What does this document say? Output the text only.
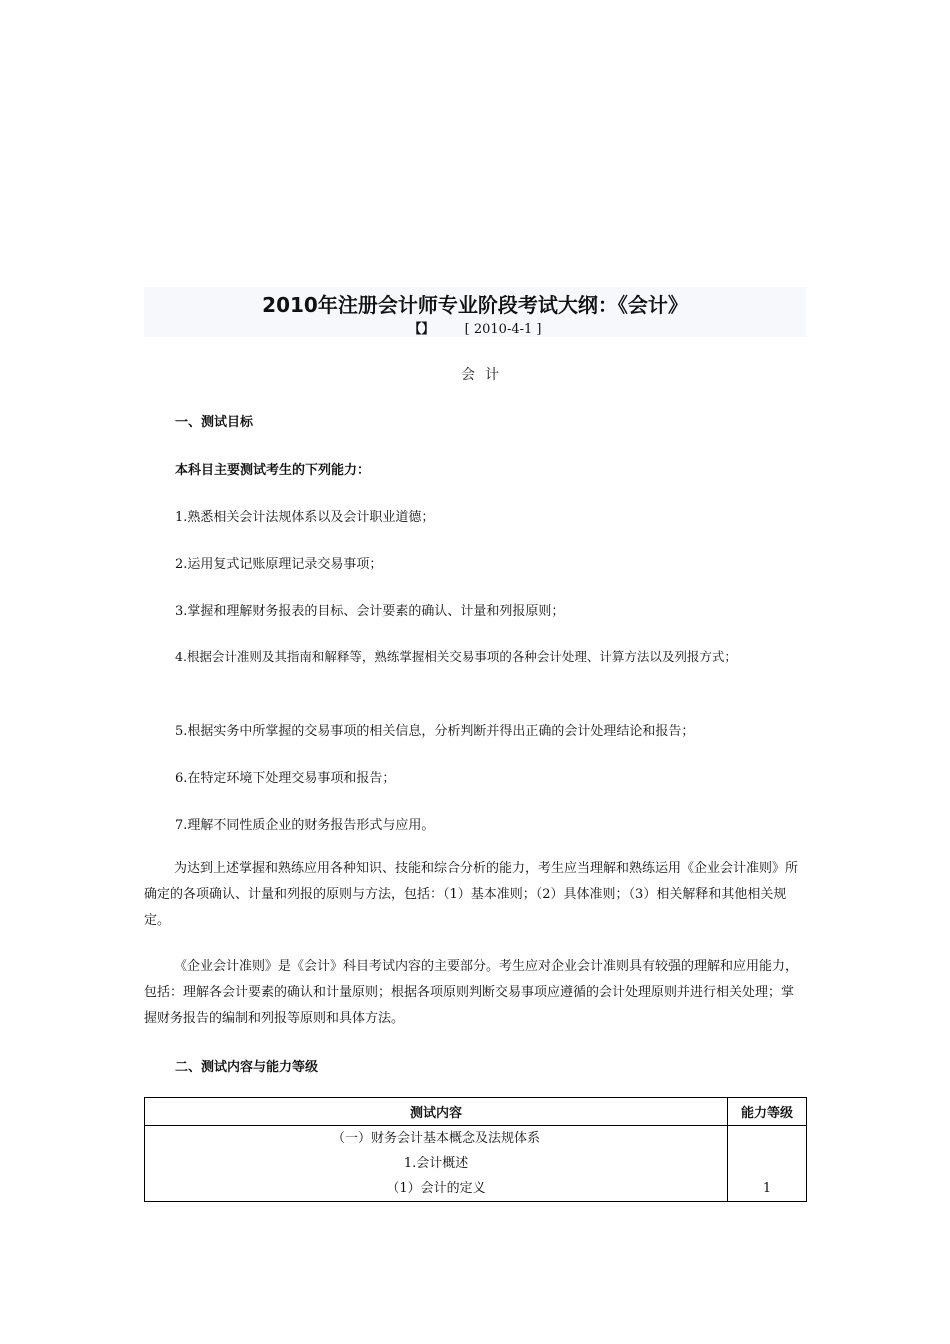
2010年注册会计师专业阶段考试大纲：《会计》
【】 [ 2010-4-1 ]
会计
一、测试目标
本科目主要测试考生的下列能力：
1.熟悉相关会计法规体系以及会计职业道德；
2.运用复式记账原理记录交易事项；
3.掌握和理解财务报表的目标、会计要素的确认、计量和列报原则；
4.根据会计准则及其指南和解释等，熟练掌握相关交易事项的各种会计处理、计算方法以及列报方式；
5.根据实务中所掌握的交易事项的相关信息，分析判断并得出正确的会计处理结论和报告；
6.在特定环境下处理交易事项和报告；
7.理解不同性质企业的财务报告形式与应用。
为达到上述掌握和熟练应用各种知识、技能和综合分析的能力，考生应当理解和熟练运用《企业会计准则》所确定的各项确认、计量和列报的原则与方法，包括：（1）基本准则；（2）具体准则；（3）相关解释和其他相关规定。
《企业会计准则》是《会计》科目考试内容的主要部分。考生应对企业会计准则具有较强的理解和应用能力，包括：理解各会计要素的确认和计量原则；根据各项原则判断交易事项应遵循的会计处理原则并进行相关处理；掌握财务报告的编制和列报等原则和具体方法。
二、测试内容与能力等级
测试内容	能力等级

（一）财务会计基本概念及法规体系
1.会计概述
（1）会计的定义	1
